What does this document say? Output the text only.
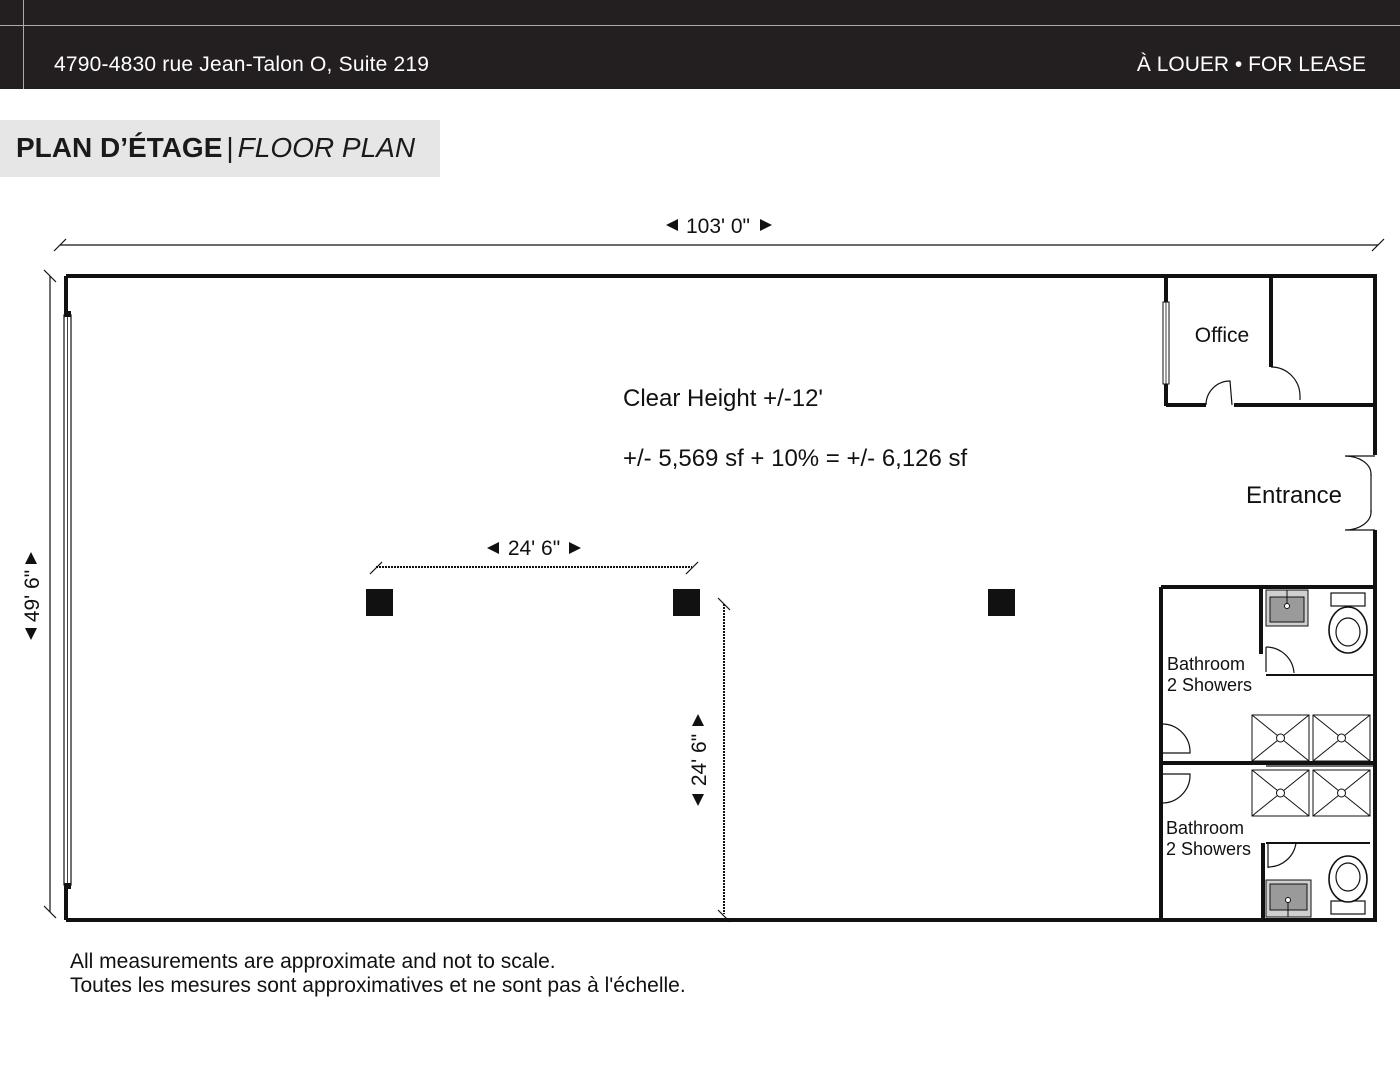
4790-4830 rue Jean-Talon O, Suite 219	À LOUER • FOR LEASE
PLAN D’ÉTAGE | FLOOR PLAN
103' 0"
49' 6"
Office
Entrance
Bathroom
2 Showers
Bathroom
2 Showers
24' 6"
24' 6"
Clear Height +/-12'
+/- 5,569 sf + 10% = +/- 6,126 sf
All measurements are approximate and not to scale.
Toutes les mesures sont approximatives et ne sont pas à l'échelle.
